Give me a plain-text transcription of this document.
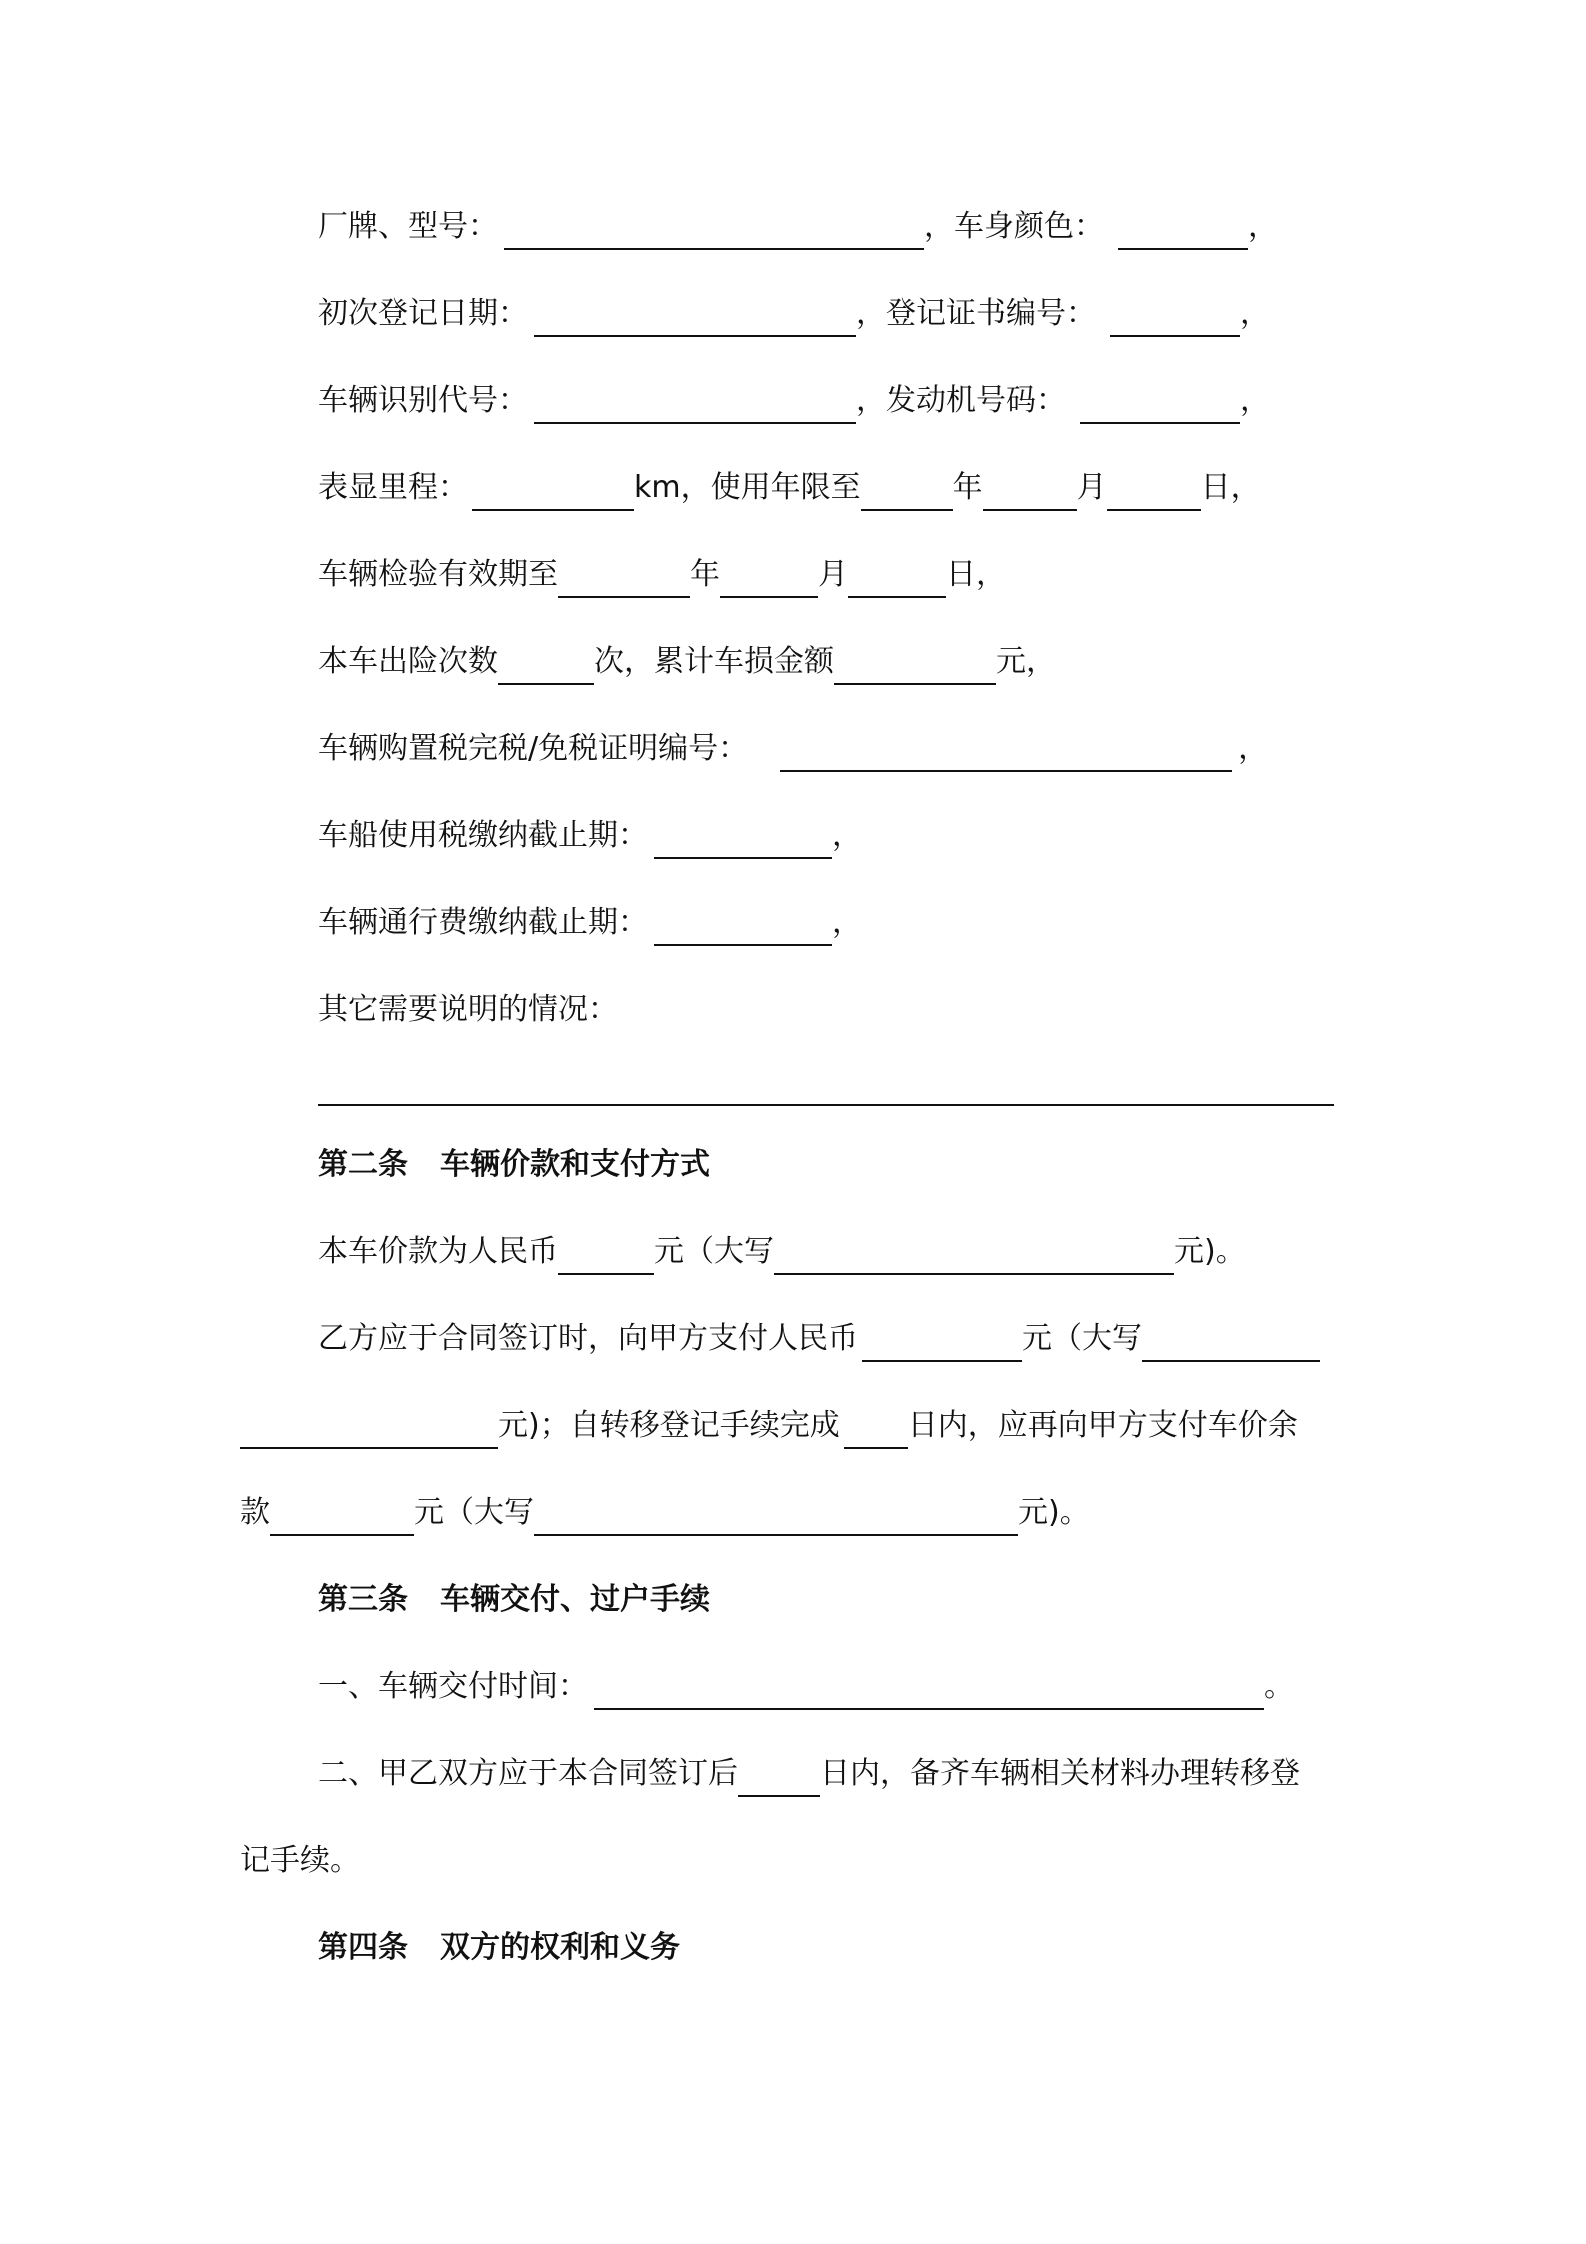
厂牌、型号：	，车身颜色：	，
初次登记日期：	，登记证书编号：	，
车辆识别代号：	，发动机号码：	，
表显里程：	km，使用年限至	年	月	日，
车辆检验有效期至	年	月	日，
本车出险次数	次，累计车损金额	元，
车辆购置税完税/免税证明编号：	，
车船使用税缴纳截止期：	，
车辆通行费缴纳截止期：	，
其它需要说明的情况：
第二条 车辆价款和支付方式
本车价款为人民币	元（大写	元)。
乙方应于合同签订时，向甲方支付人民币	元（大写
元)；自转移登记手续完成 日内，应再向甲方支付车价余
款	元（大写	元)。
第三条 车辆交付、过户手续
一、车辆交付时间：	。
二、甲乙双方应于本合同签订后	日内，备齐车辆相关材料办理转移登
记手续。
第四条 双方的权利和义务
